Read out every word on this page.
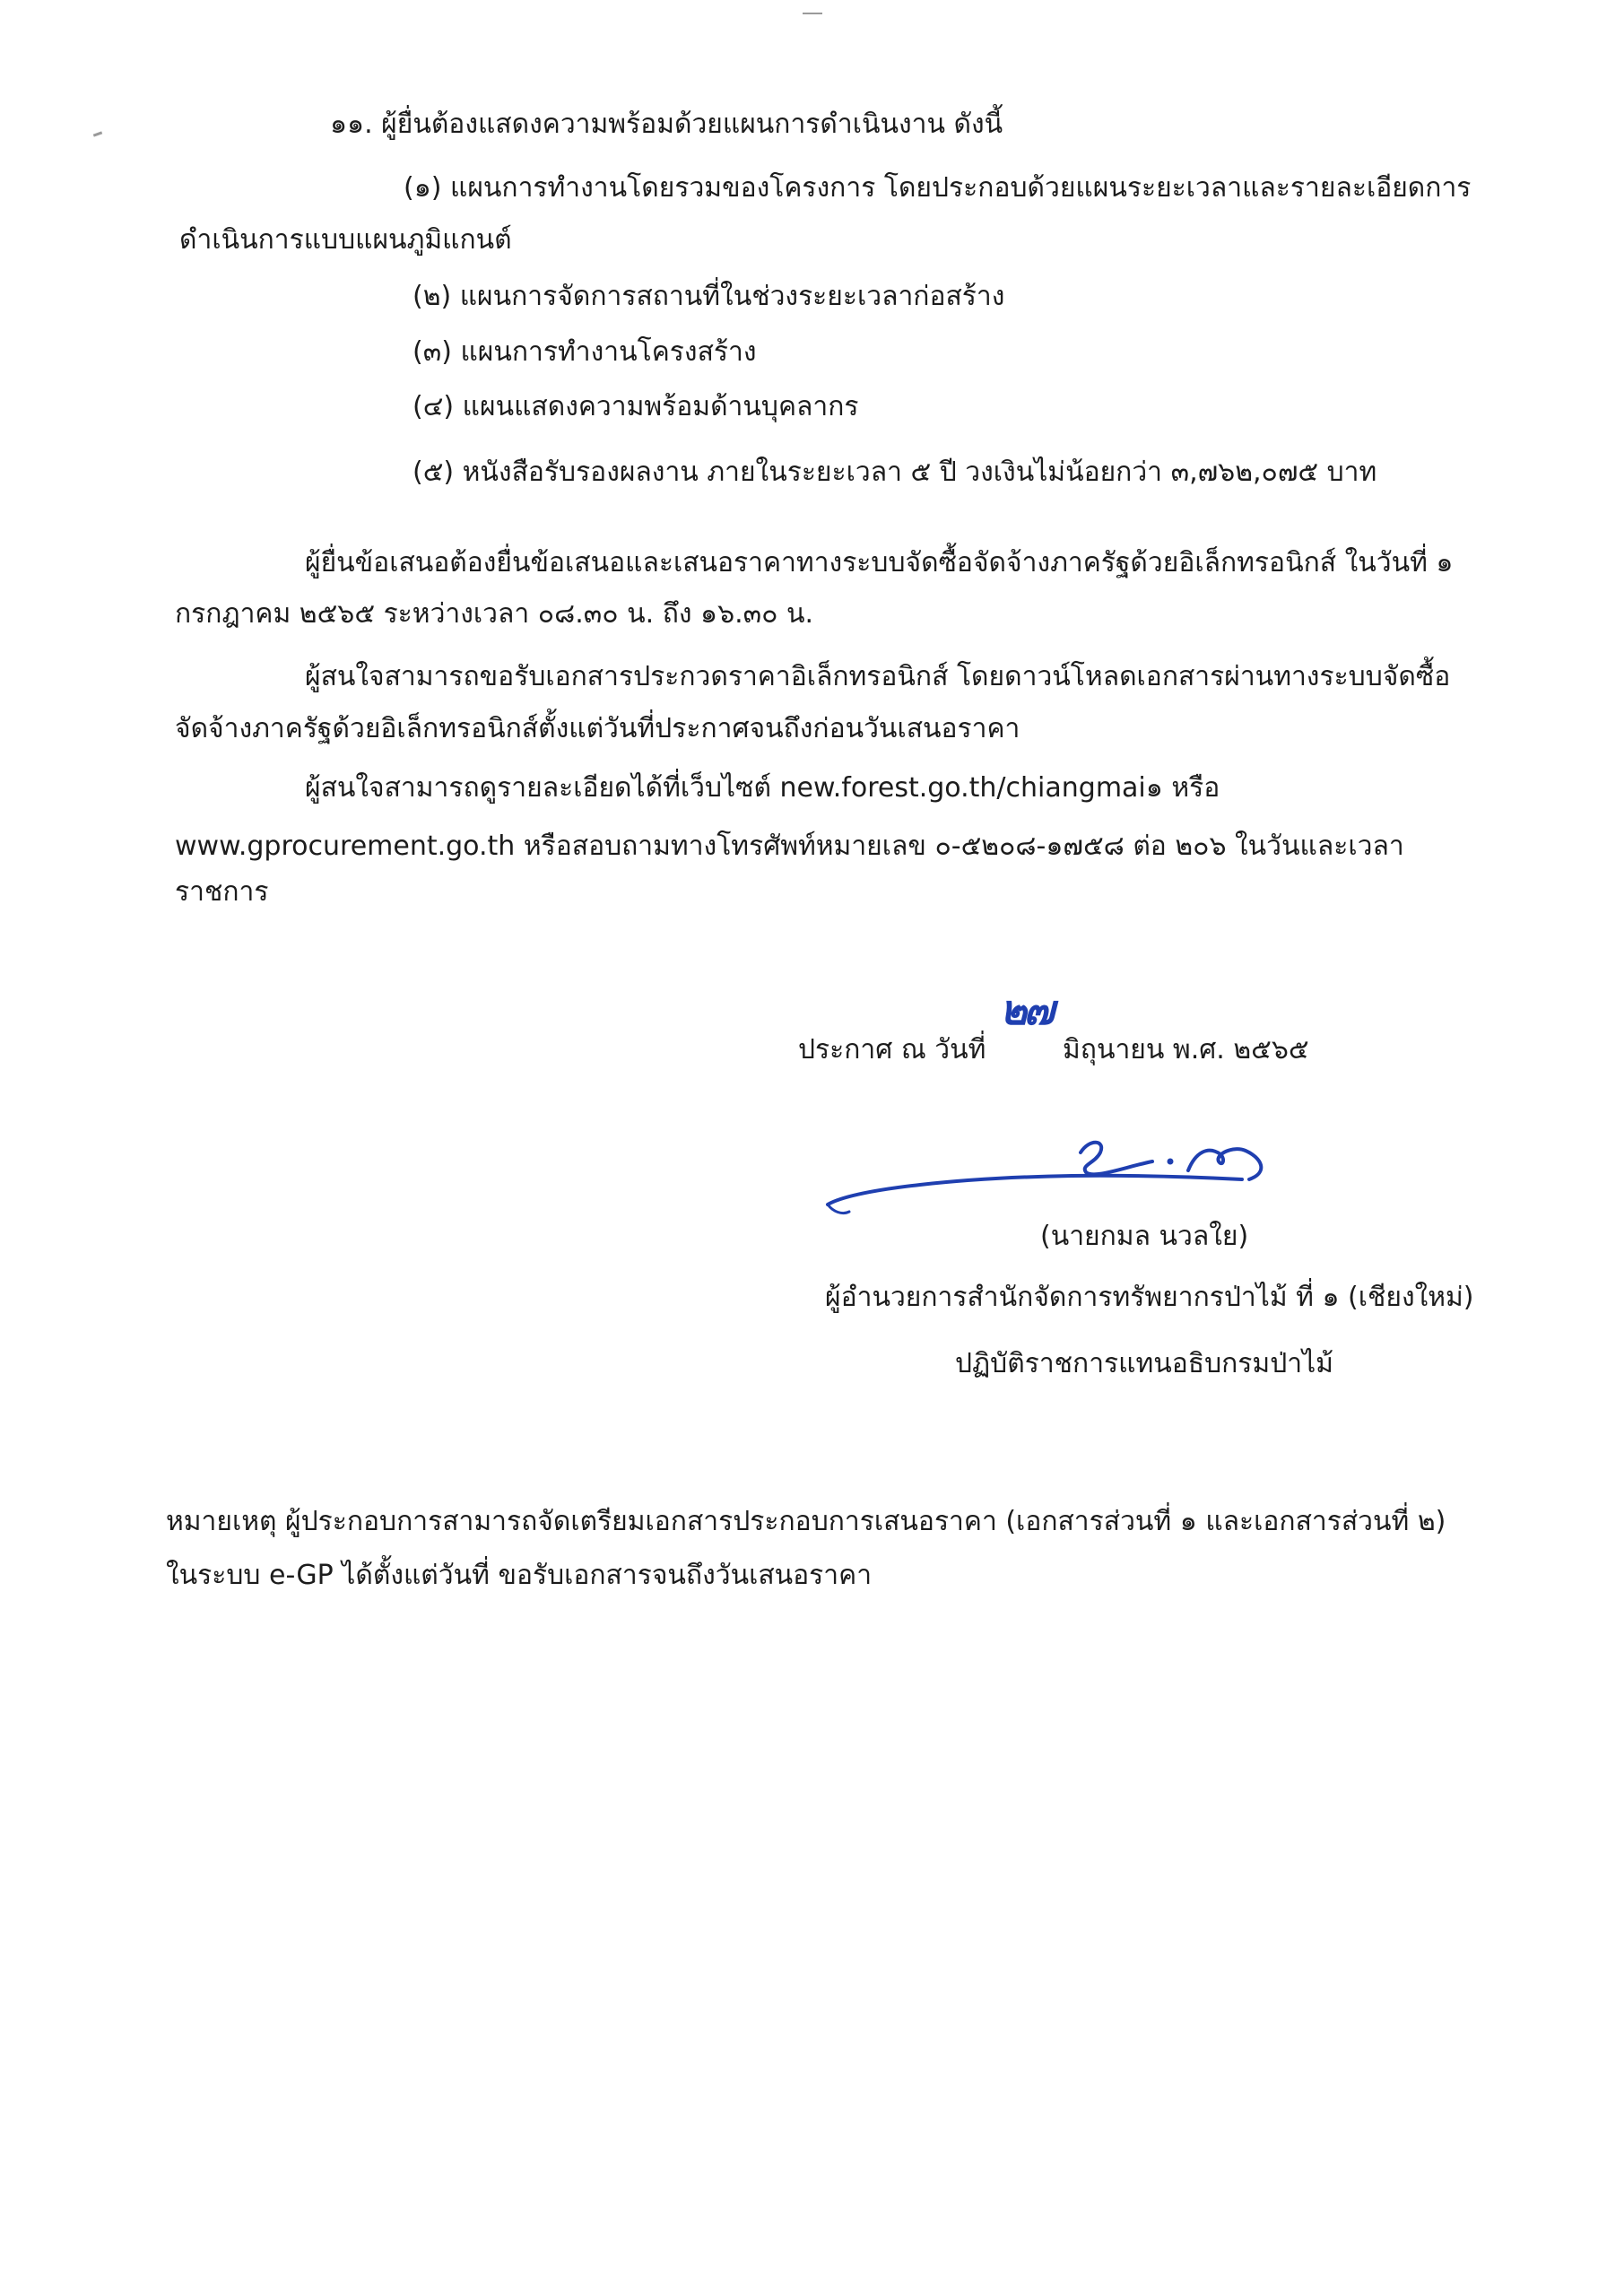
๑๑. ผู้ยื่นต้องแสดงความพร้อมด้วยแผนการดำเนินงาน ดังนี้
(๑) แผนการทำงานโดยรวมของโครงการ โดยประกอบด้วยแผนระยะเวลาและรายละเอียดการ
ดำเนินการแบบแผนภูมิแกนต์
(๒) แผนการจัดการสถานที่ในช่วงระยะเวลาก่อสร้าง
(๓) แผนการทำงานโครงสร้าง
(๔) แผนแสดงความพร้อมด้านบุคลากร
(๕) หนังสือรับรองผลงาน ภายในระยะเวลา ๕ ปี วงเงินไม่น้อยกว่า ๓,๗๖๒,๐๗๕ บาท
ผู้ยื่นข้อเสนอต้องยื่นข้อเสนอและเสนอราคาทางระบบจัดซื้อจัดจ้างภาครัฐด้วยอิเล็กทรอนิกส์ ในวันที่ ๑
กรกฎาคม ๒๕๖๕ ระหว่างเวลา ๐๘.๓๐ น. ถึง ๑๖.๓๐ น.
ผู้สนใจสามารถขอรับเอกสารประกวดราคาอิเล็กทรอนิกส์ โดยดาวน์โหลดเอกสารผ่านทางระบบจัดซื้อ
จัดจ้างภาครัฐด้วยอิเล็กทรอนิกส์ตั้งแต่วันที่ประกาศจนถึงก่อนวันเสนอราคา
ผู้สนใจสามารถดูรายละเอียดได้ที่เว็บไซต์ new.forest.go.th/chiangmai๑ หรือ
www.gprocurement.go.th หรือสอบถามทางโทรศัพท์หมายเลข ๐-๕๒๐๘-๑๗๕๘ ต่อ ๒๐๖ ในวันและเวลา
ราชการ
ประกาศ ณ วันที่
๒๗
มิถุนายน พ.ศ. ๒๕๖๕
(นายกมล นวลใย)
ผู้อำนวยการสำนักจัดการทรัพยากรป่าไม้ ที่ ๑ (เชียงใหม่)
ปฏิบัติราชการแทนอธิบกรมป่าไม้
หมายเหตุ ผู้ประกอบการสามารถจัดเตรียมเอกสารประกอบการเสนอราคา (เอกสารส่วนที่ ๑ และเอกสารส่วนที่ ๒)
ในระบบ e-GP ได้ตั้งแต่วันที่ ขอรับเอกสารจนถึงวันเสนอราคา
